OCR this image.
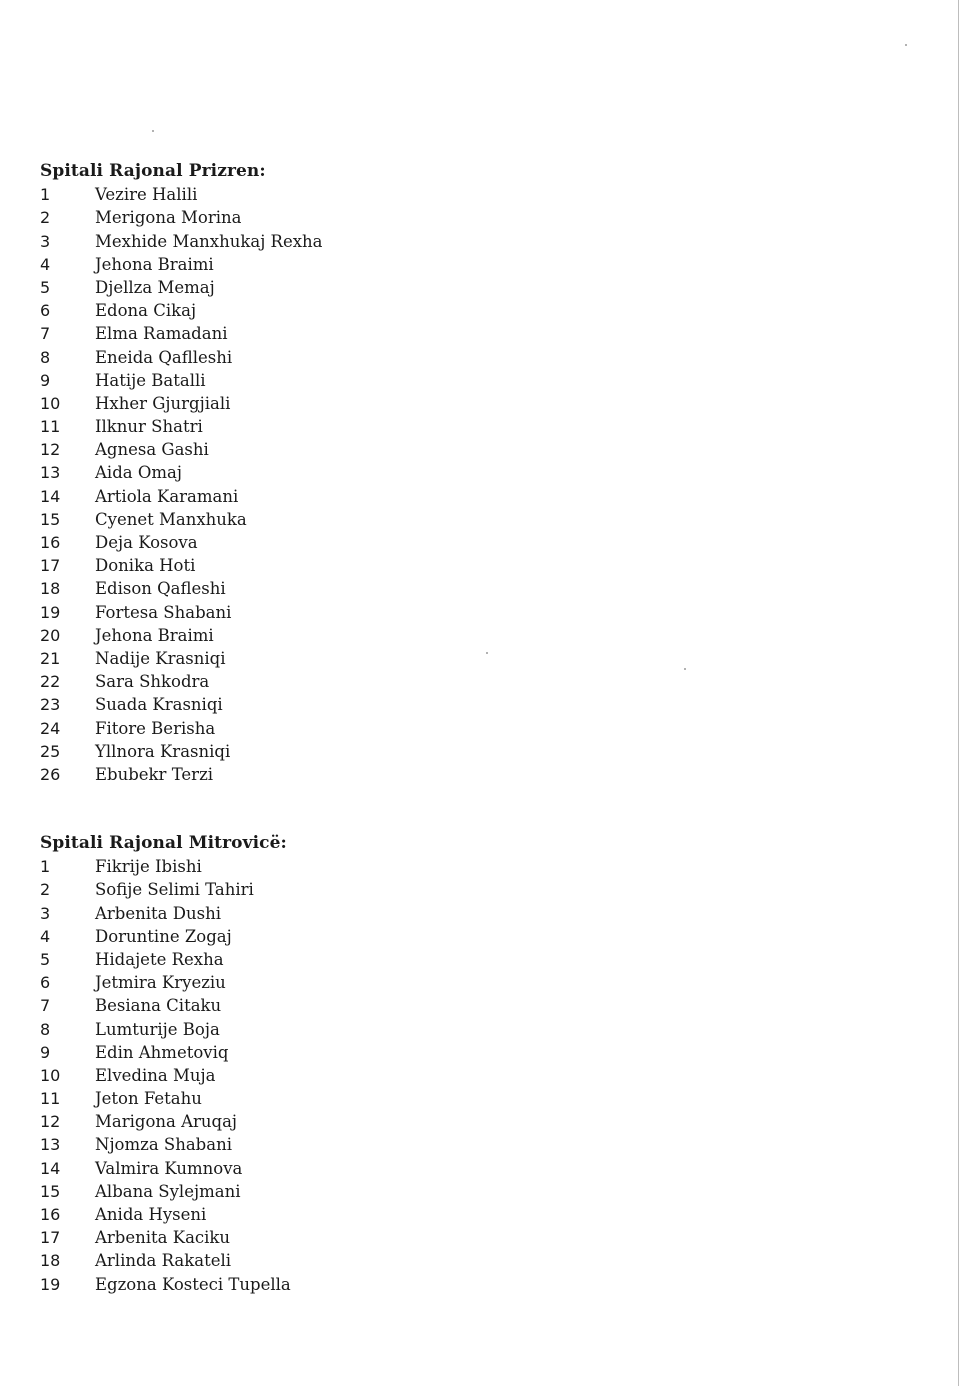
Spitali Rajonal Prizren:
1	Vezire Halili
2	Merigona Morina
3	Mexhide Manxhukaj Rexha
4	Jehona Braimi
5	Djellza Memaj
6	Edona Cikaj
7	Elma Ramadani
8	Eneida Qaflleshi
9	Hatije Batalli
10	Hxher Gjurgjiali
11	Ilknur Shatri
12	Agnesa Gashi
13	Aida Omaj
14	Artiola Karamani
15	Cyenet Manxhuka
16	Deja Kosova
17	Donika Hoti
18	Edison Qafleshi
19	Fortesa Shabani
20	Jehona Braimi
21	Nadije Krasniqi
22	Sara Shkodra
23	Suada Krasniqi
24	Fitore Berisha
25	Yllnora Krasniqi
26	Ebubekr Terzi
Spitali Rajonal Mitrovicë:
1	Fikrije Ibishi
2	Sofije Selimi Tahiri
3	Arbenita Dushi
4	Doruntine Zogaj
5	Hidajete Rexha
6	Jetmira Kryeziu
7	Besiana Citaku
8	Lumturije Boja
9	Edin Ahmetoviq
10	Elvedina Muja
11	Jeton Fetahu
12	Marigona Aruqaj
13	Njomza Shabani
14	Valmira Kumnova
15	Albana Sylejmani
16	Anida Hyseni
17	Arbenita Kaciku
18	Arlinda Rakateli
19	Egzona Kosteci Tupella
